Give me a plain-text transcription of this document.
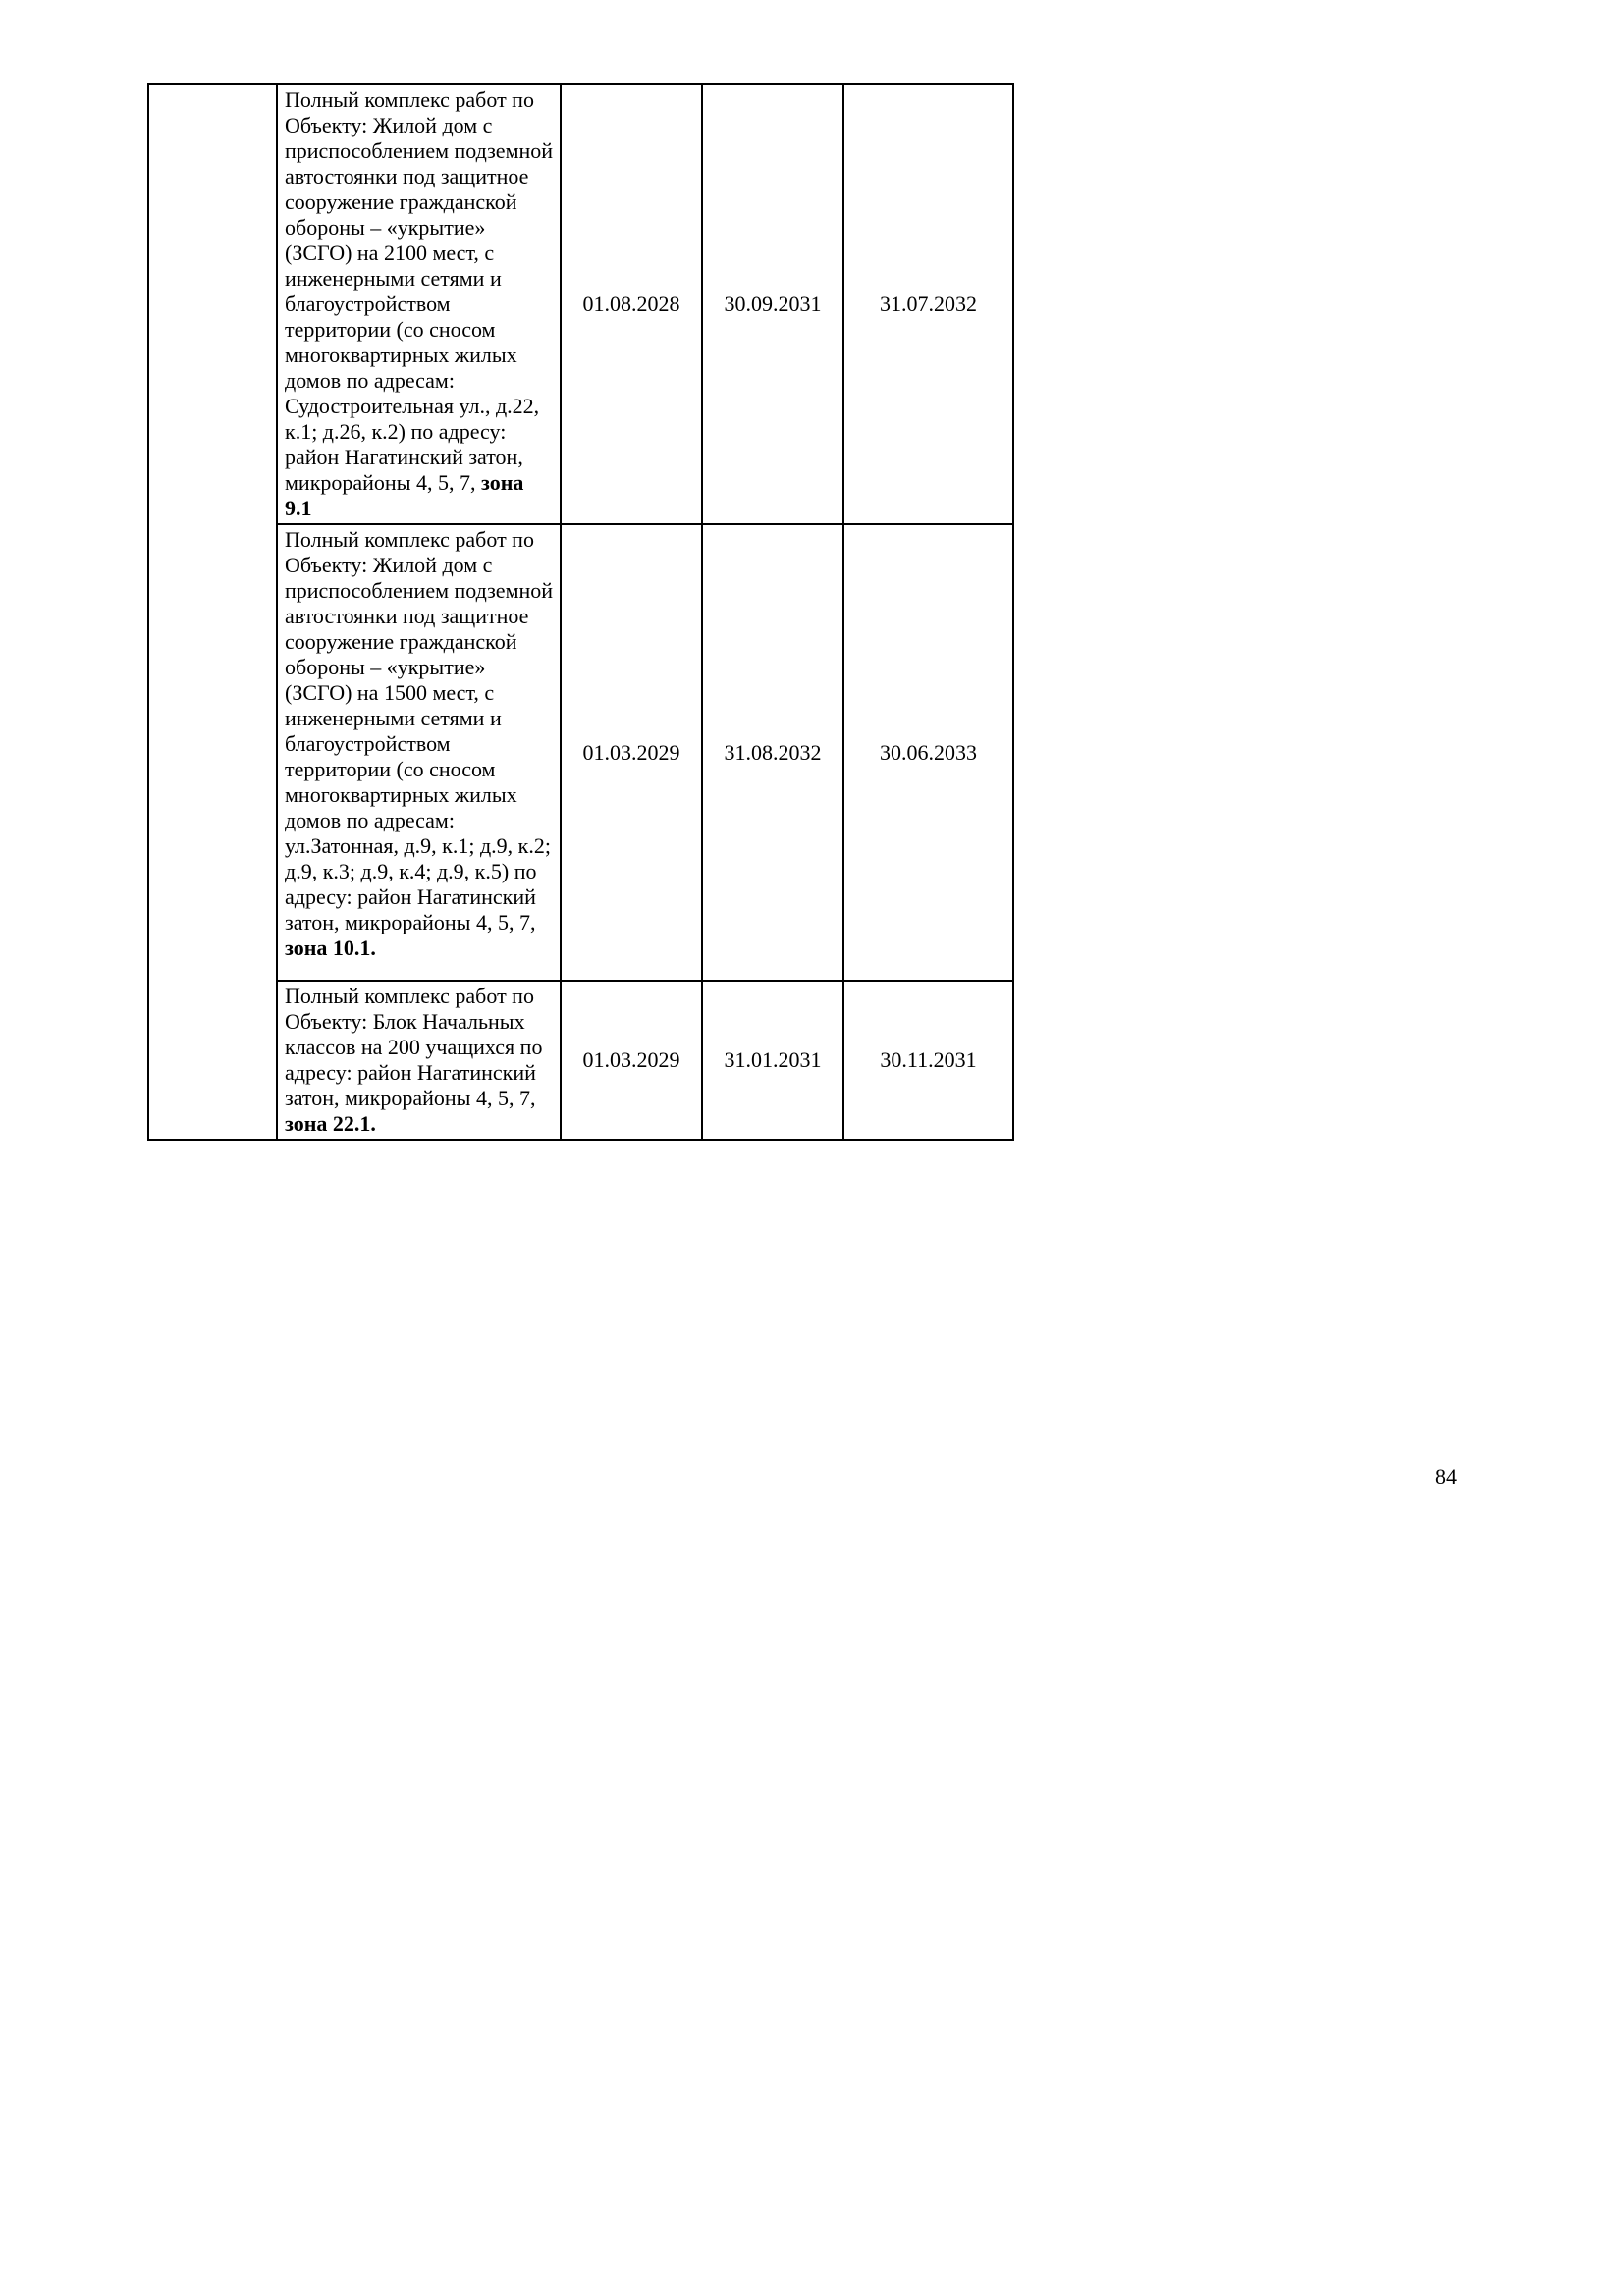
	Полный комплекс работ по Объекту: Жилой дом с приспособлением подземной автостоянки под защитное сооружение гражданской обороны – «укрытие» (ЗСГО) на 2100 мест, с инженерными сетями и благоустройством территории (со сносом многоквартирных жилых домов по адресам: Судостроительная ул., д.22, к.1; д.26, к.2) по адресу: район Нагатинский затон, микрорайоны 4, 5, 7, зона 9.1	01.08.2028	30.09.2031	31.07.2032
	Полный комплекс работ по Объекту: Жилой дом с приспособлением подземной автостоянки под защитное сооружение гражданской обороны – «укрытие» (ЗСГО) на 1500 мест, с инженерными сетями и благоустройством территории (со сносом многоквартирных жилых домов по адресам: ул.Затонная, д.9, к.1; д.9, к.2; д.9, к.3; д.9, к.4; д.9, к.5) по адресу: район Нагатинский затон, микрорайоны 4, 5, 7, зона 10.1.	01.03.2029	31.08.2032	30.06.2033
	Полный комплекс работ по Объекту: Блок Начальных классов на 200 учащихся по адресу: район Нагатинский затон, микрорайоны 4, 5, 7, зона 22.1.	01.03.2029	31.01.2031	30.11.2031
84
